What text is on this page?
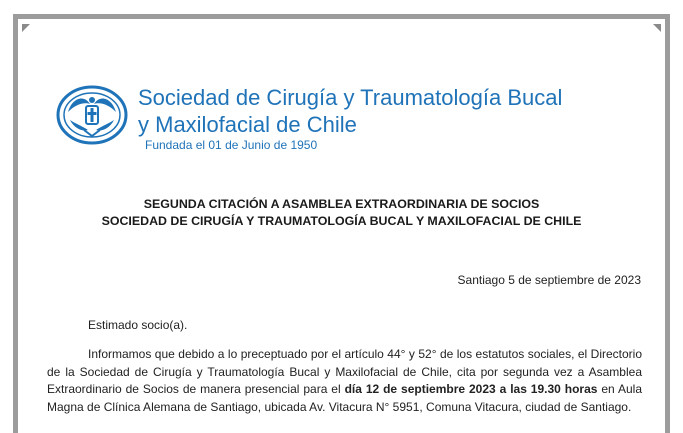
Sociedad de Cirugía y Traumatología Bucal
y Maxilofacial de Chile
Fundada el 01 de Junio de 1950
SEGUNDA CITACIÓN A ASAMBLEA EXTRAORDINARIA DE SOCIOS
SOCIEDAD DE CIRUGÍA Y TRAUMATOLOGÍA BUCAL Y MAXILOFACIAL DE CHILE
Santiago 5 de septiembre de 2023
Estimado socio(a).
Informamos que debido a lo preceptuado por el artículo 44° y 52° de los estatutos sociales, el Directorio de la Sociedad de Cirugía y Traumatología Bucal y Maxilofacial de Chile, cita por segunda vez a Asamblea Extraordinario de Socios de manera presencial para el día 12 de septiembre 2023 a las 19.30 horas en Aula Magna de Clínica Alemana de Santiago, ubicada Av. Vitacura N° 5951, Comuna Vitacura, ciudad de Santiago.
